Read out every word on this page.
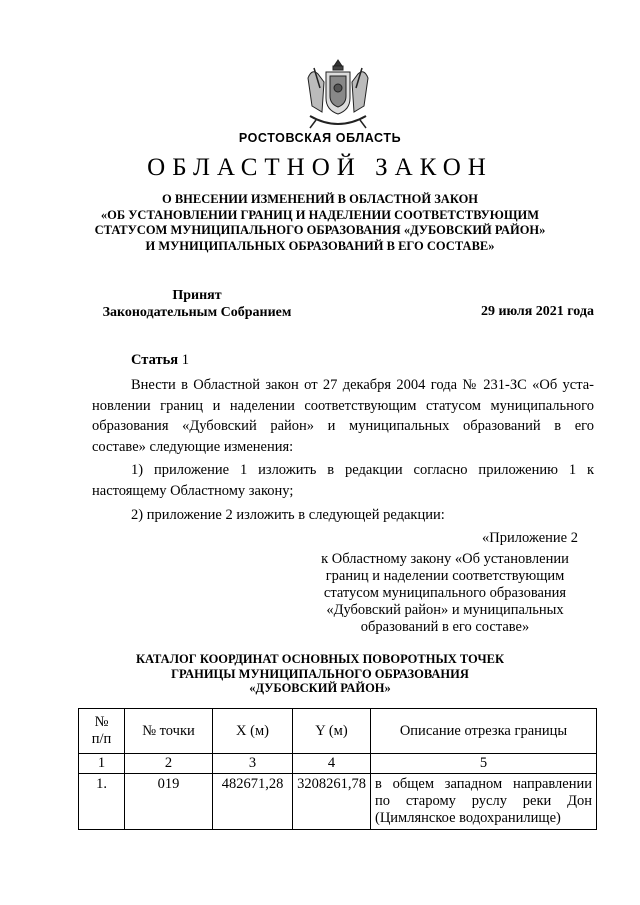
РОСТОВСКАЯ ОБЛАСТЬ
ОБЛАСТНОЙ ЗАКОН
О ВНЕСЕНИИ ИЗМЕНЕНИЙ В ОБЛАСТНОЙ ЗАКОН
«ОБ УСТАНОВЛЕНИИ ГРАНИЦ И НАДЕЛЕНИИ СООТВЕТСТВУЮЩИМ
СТАТУСОМ МУНИЦИПАЛЬНОГО ОБРАЗОВАНИЯ «ДУБОВСКИЙ РАЙОН»
И МУНИЦИПАЛЬНЫХ ОБРАЗОВАНИЙ В ЕГО СОСТАВЕ»
Принят
Законодательным Собранием	29 июля 2021 года
Статья 1
Внести в Областной закон от 27 декабря 2004 года № 231-ЗС «Об уста-
новлении границ и наделении соответствующим статусом муниципального
образования «Дубовский район» и муниципальных образований в его
составе» следующие изменения:
1) приложение 1 изложить в редакции согласно приложению 1 к
настоящему Областному закону;
2) приложение 2 изложить в следующей редакции:
«Приложение 2
к Областному закону «Об установлении
границ и наделении соответствующим
статусом муниципального образования
«Дубовский район» и муниципальных
образований в его составе»
КАТАЛОГ КООРДИНАТ ОСНОВНЫХ ПОВОРОТНЫХ ТОЧЕК
ГРАНИЦЫ МУНИЦИПАЛЬНОГО ОБРАЗОВАНИЯ
«ДУБОВСКИЙ РАЙОН»
№
п/п	№ точки	X (м)	Y (м)	Описание отрезка границы
1	2	3	4	5
1.	019	482671,28	3208261,78	в общем западном направлении
по старому руслу реки Дон
(Цимлянское водохранилище)
